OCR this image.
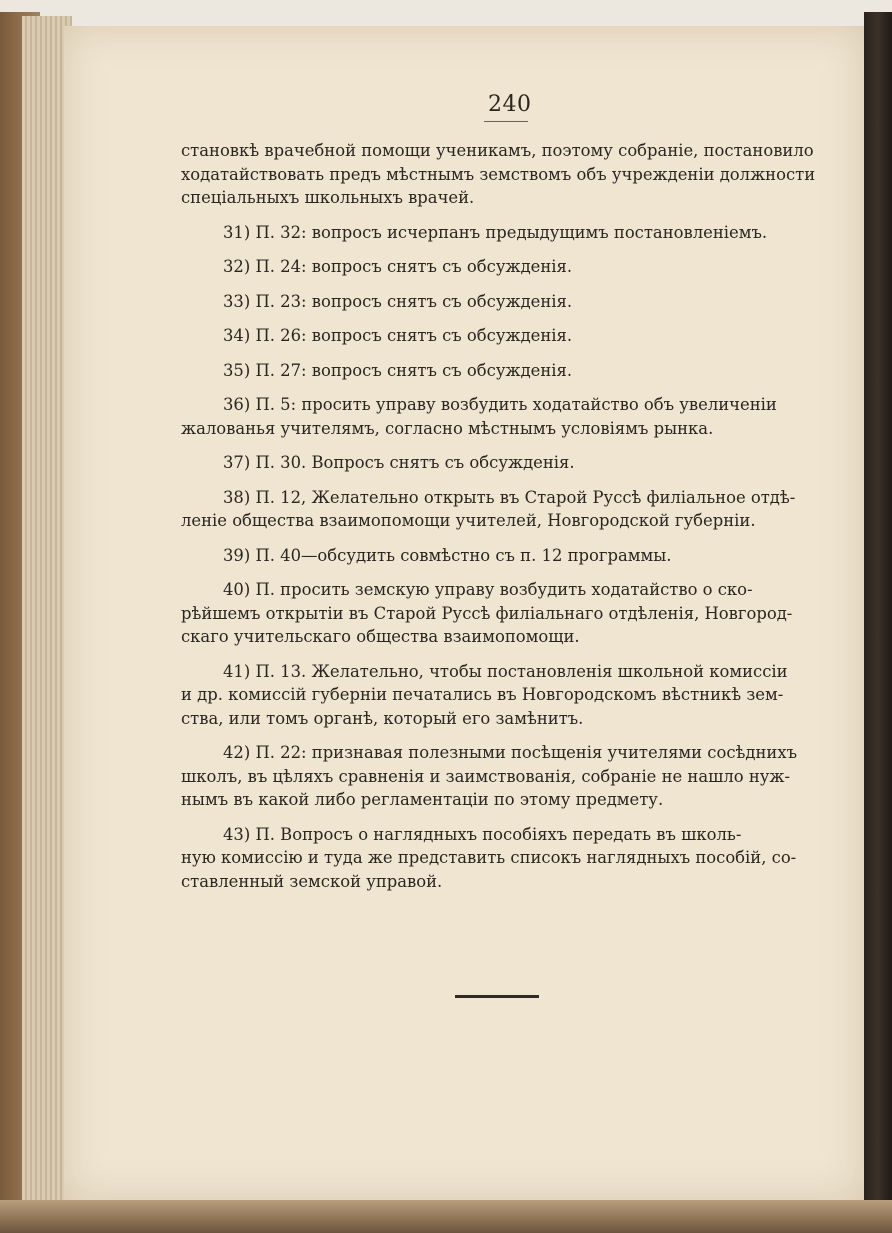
240
становкѣ врачебной помощи ученикамъ, поэтому собраніе, постановило
ходатайствовать предъ мѣстнымъ земствомъ объ учрежденіи должности
спеціальныхъ школьныхъ врачей.
31) П. 32: вопросъ исчерпанъ предыдущимъ постановленіемъ.
32) П. 24: вопросъ снятъ съ обсужденія.
33) П. 23: вопросъ снятъ съ обсужденія.
34) П. 26: вопросъ снятъ съ обсужденія.
35) П. 27: вопросъ снятъ съ обсужденія.
36) П. 5: просить управу возбудить ходатайство объ увеличеніи
жалованья учителямъ, согласно мѣстнымъ условіямъ рынка.
37) П. 30. Вопросъ снятъ съ обсужденія.
38) П. 12, Желательно открыть въ Старой Руссѣ филіальное отдѣ-
леніе общества взаимопомощи учителей, Новгородской губерніи.
39) П. 40—обсудить совмѣстно съ п. 12 программы.
40) П. просить земскую управу возбудить ходатайство о ско-
рѣйшемъ открытіи въ Старой Руссѣ филіальнаго отдѣленія, Новгород-
скаго учительскаго общества взаимопомощи.
41) П. 13. Желательно, чтобы постановленія школьной комиссіи
и др. комиссій губерніи печатались въ Новгородскомъ вѣстникѣ зем-
ства, или томъ органѣ, который его замѣнитъ.
42) П. 22: признавая полезными посѣщенія учителями сосѣднихъ
школъ, въ цѣляхъ сравненія и заимствованія, собраніе не нашло нуж-
нымъ въ какой либо регламентаціи по этому предмету.
43) П. Вопросъ о наглядныхъ пособіяхъ передать въ школь-
ную комиссію и туда же представить списокъ наглядныхъ пособій, со-
ставленный земской управой.
